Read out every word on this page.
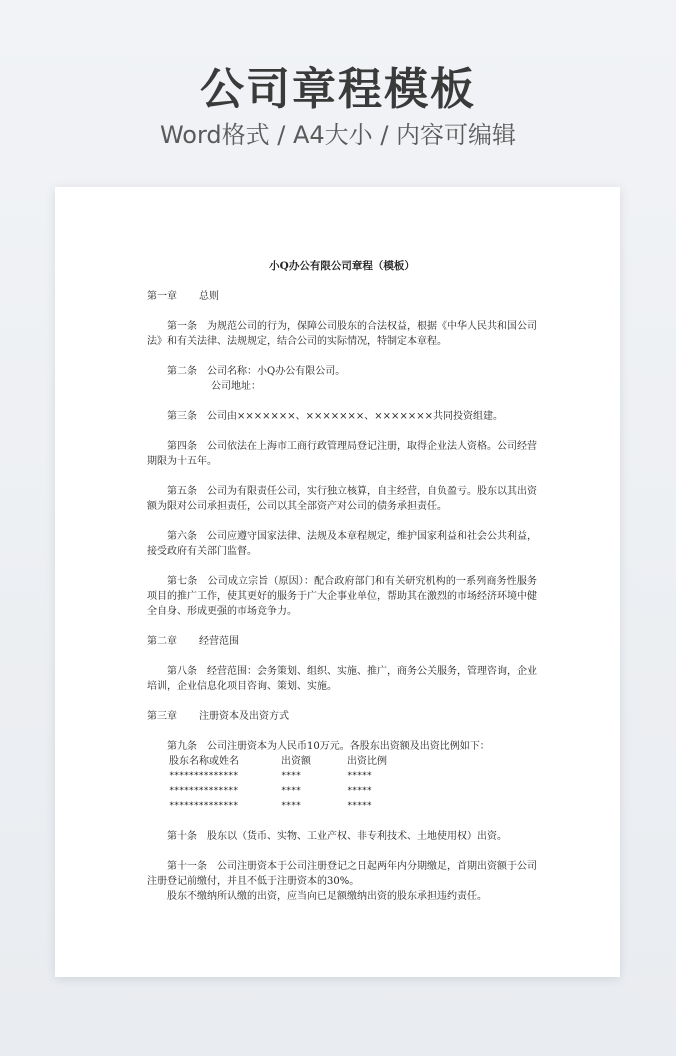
公司章程模板
Word格式 / A4大小 / 内容可编辑
小Q办公有限公司章程（模板）
第一章 总则

第一条　为规范公司的行为，保障公司股东的合法权益，根据《中华人民共和国公司法》和有关法律、法规规定，结合公司的实际情况，特制定本章程。

第二条　公司名称：小Q办公有限公司。

公司地址：

第三条　公司由×××××××、×××××××、×××××××共同投资组建。

第四条　公司依法在上海市工商行政管理局登记注册，取得企业法人资格。公司经营期限为十五年。

第五条　公司为有限责任公司，实行独立核算，自主经营，自负盈亏。股东以其出资额为限对公司承担责任，公司以其全部资产对公司的债务承担责任。

第六条　公司应遵守国家法律、法规及本章程规定，维护国家利益和社会公共利益，接受政府有关部门监督。

第七条　公司成立宗旨（原因）：配合政府部门和有关研究机构的一系列商务性服务项目的推广工作，使其更好的服务于广大企事业单位，帮助其在激烈的市场经济环境中健全自身、形成更强的市场竞争力。

第二章 经营范围

第八条　经营范围：会务策划、组织、实施、推广，商务公关服务，管理咨询，企业培训，企业信息化项目咨询、策划、实施。

第三章 注册资本及出资方式

第九条　公司注册资本为人民币10万元。各股东出资额及出资比例如下：

股东名称或姓名	出资额	出资比例
**************	****	*****
**************	****	*****
**************	****	*****

第十条　股东以（货币、实物、工业产权、非专利技术、土地使用权）出资。

第十一条　公司注册资本于公司注册登记之日起两年内分期缴足，首期出资额于公司注册登记前缴付，并且不低于注册资本的30%。

股东不缴纳所认缴的出资，应当向已足额缴纳出资的股东承担违约责任。
